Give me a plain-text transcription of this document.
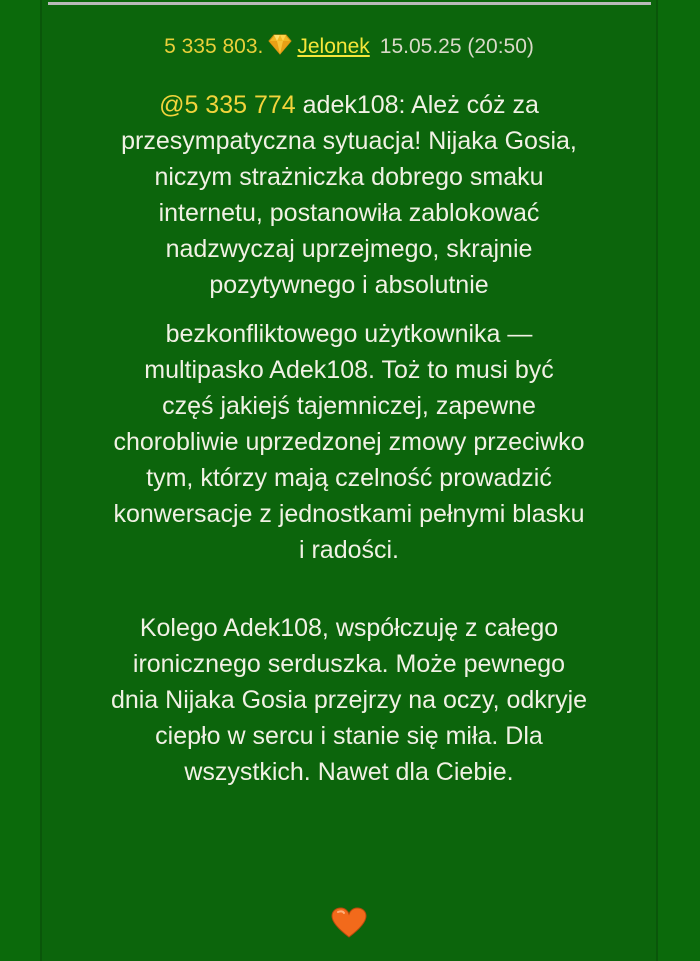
5 335 803. Jelonek 15.05.25 (20:50)
@5 335 774 adek108: Ależ cóż za
przesympatyczna sytuacja! Nijaka Gosia,
niczym strażniczka dobrego smaku
internetu, postanowiła zablokować
nadzwyczaj uprzejmego, skrajnie
pozytywnego i absolutnie
bezkonfliktowego użytkownika —
multipasko Adek108. Toż to musi być
częś jakiejś tajemniczej, zapewne
chorobliwie uprzedzonej zmowy przeciwko
tym, którzy mają czelność prowadzić
konwersacje z jednostkami pełnymi blasku
i radości.
Kolego Adek108, współczuję z całego
ironicznego serduszka. Może pewnego
dnia Nijaka Gosia przejrzy na oczy, odkryje
ciepło w sercu i stanie się miła. Dla
wszystkich. Nawet dla Ciebie.
